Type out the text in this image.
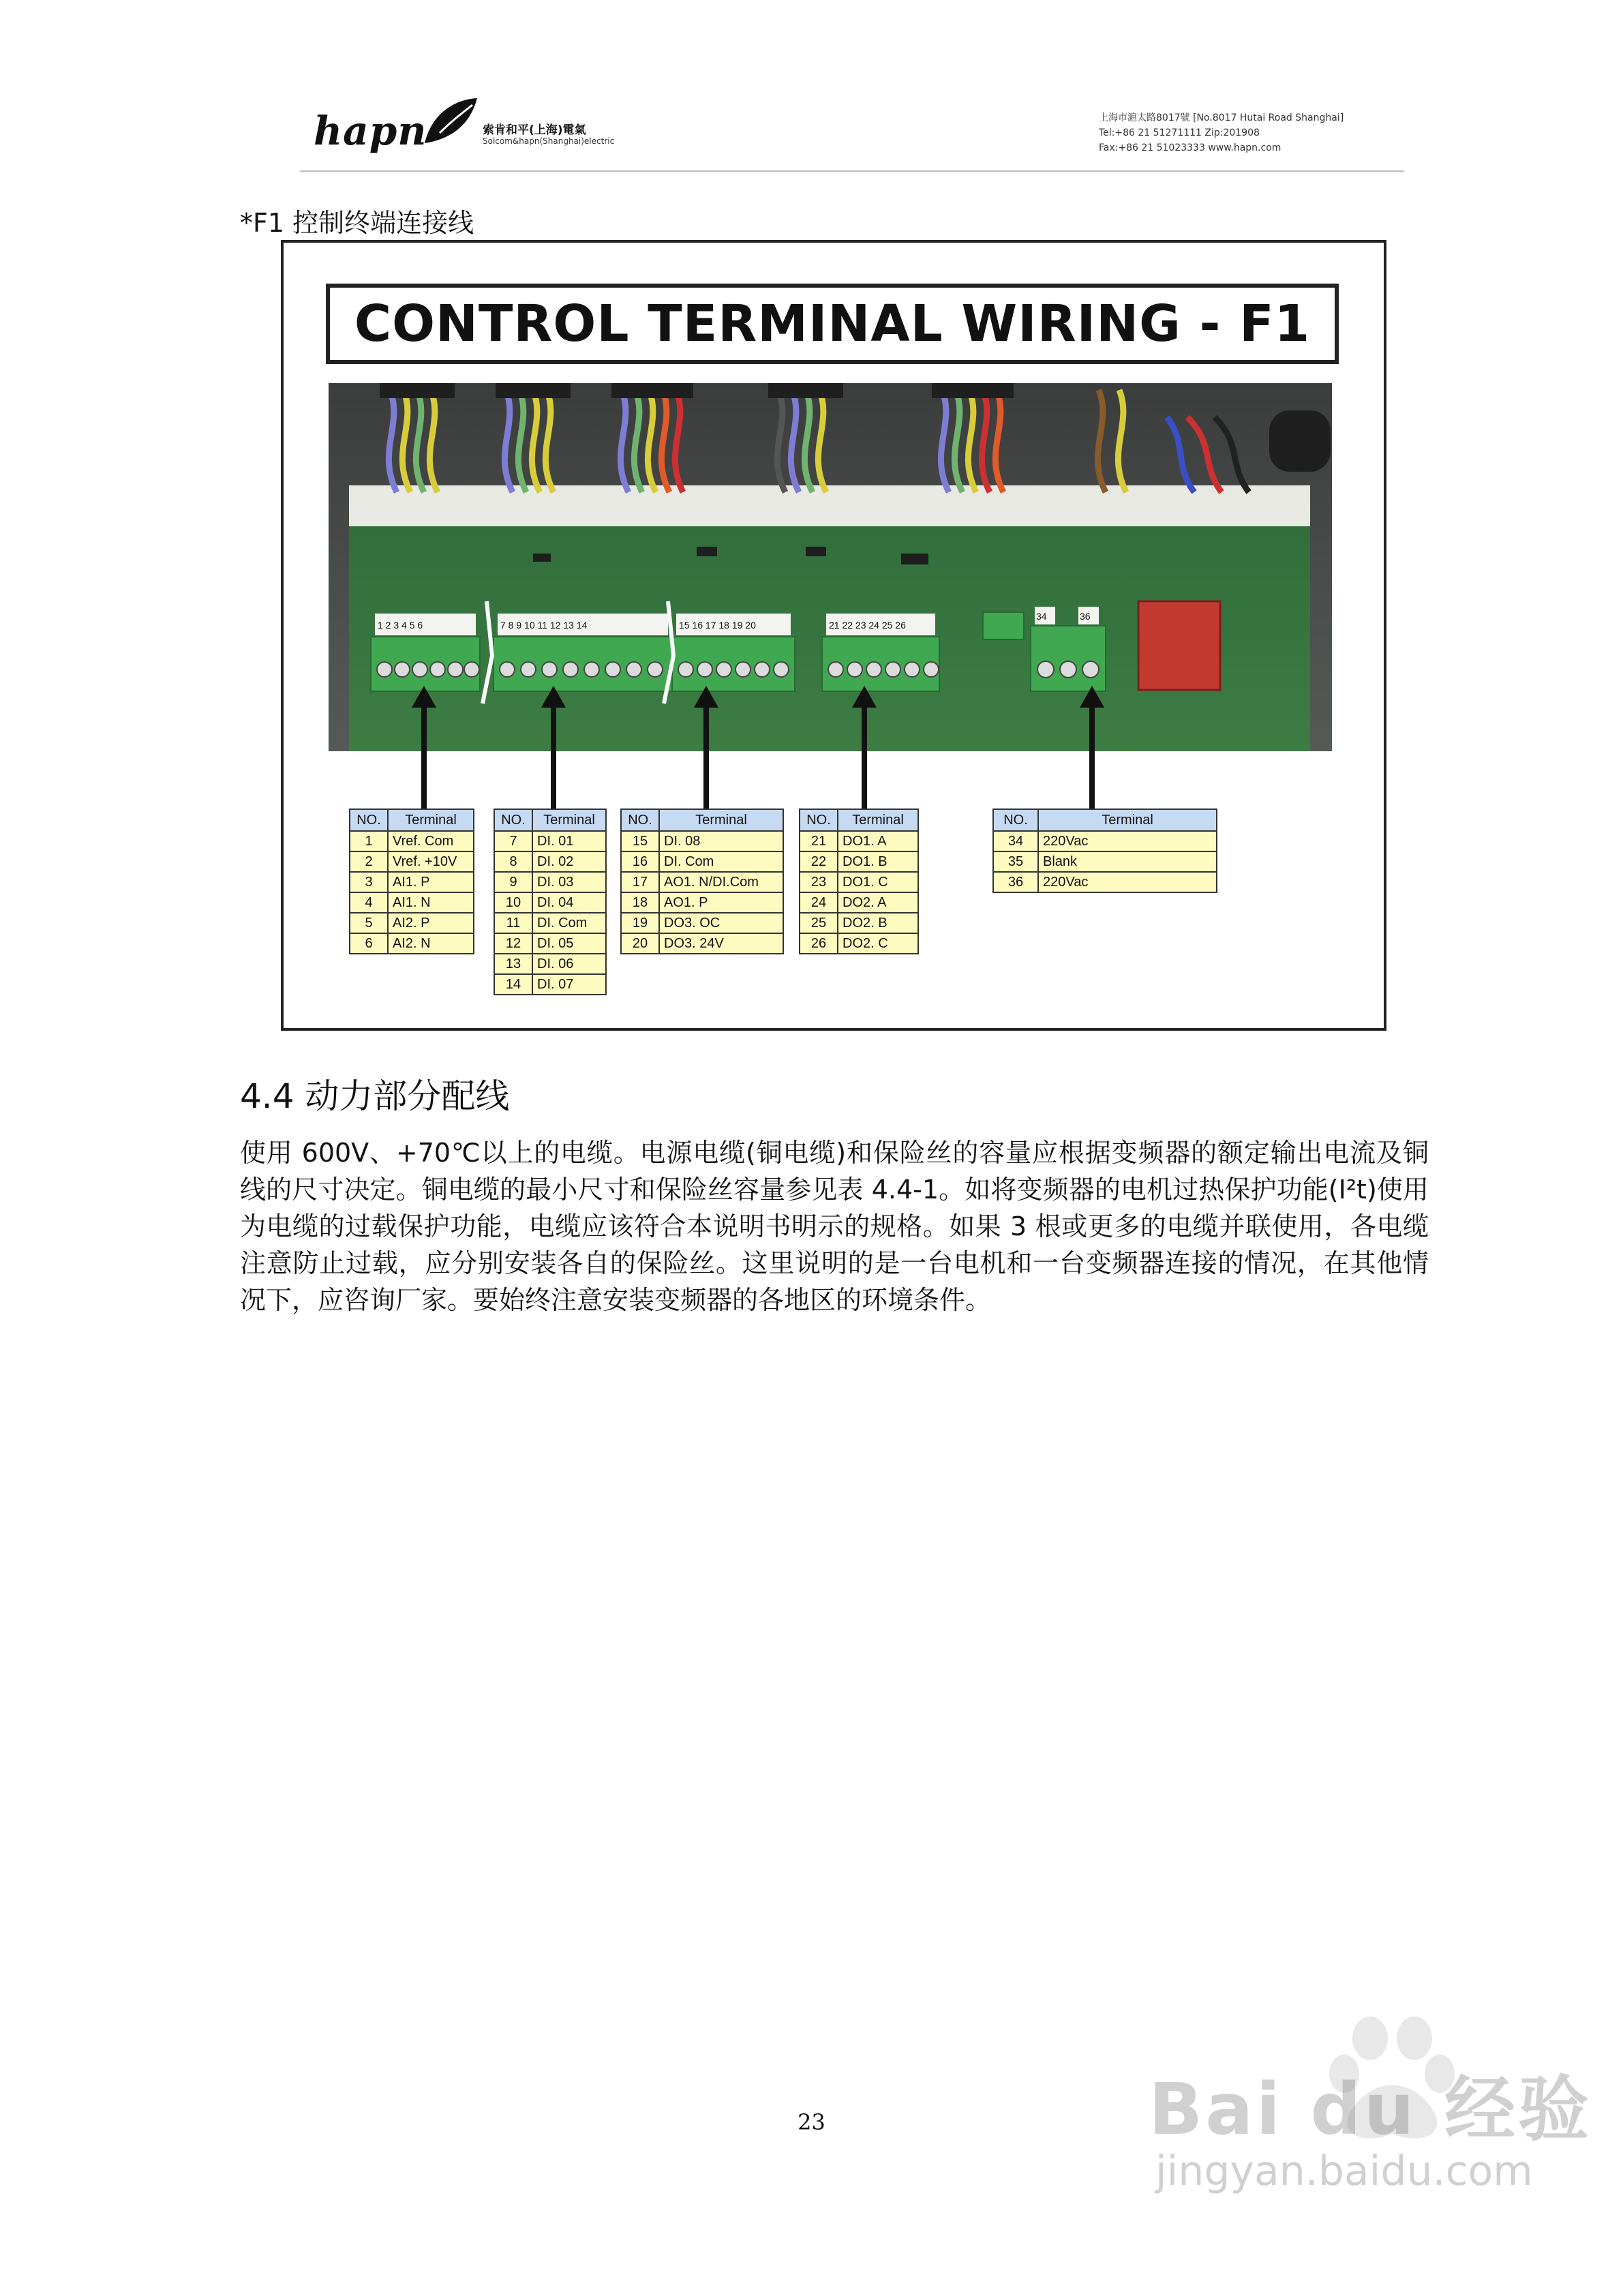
hapn	索肯和平(上海)電氣
Solcom&hapn(Shanghai)electric
上海市滬太路8017號 [No.8017 Hutai Road Shanghai]
Tel:+86 21 51271111 Zip:201908
Fax:+86 21 51023333 www.hapn.com
*F1 控制终端连接线
CONTROL TERMINAL WIRING - F1
1 2 3 4 5 6	7 8 9 10 11 12 13 14	15 16 17 18 19 20	21 22 23 24 25 26
34	36
NO.	Terminal
1	Vref. Com
2	Vref. +10V
3	AI1. P
4	AI1. N
5	AI2. P
6	AI2. N
NO.	Terminal
7	DI. 01
8	DI. 02
9	DI. 03
10	DI. 04
11	DI. Com
12	DI. 05
13	DI. 06
14	DI. 07
NO.	Terminal
15	DI. 08
16	DI. Com
17	AO1. N/DI.Com
18	AO1. P
19	DO3. OC
20	DO3. 24V
NO.	Terminal
21	DO1. A
22	DO1. B
23	DO1. C
24	DO2. A
25	DO2. B
26	DO2. C
NO.	Terminal
34	220Vac
35	Blank
36	220Vac
4.4 动力部分配线
使用 600V、+70℃以上的电缆。电源电缆(铜电缆)和保险丝的容量应根据变频器的额定输出电流及铜线的尺寸决定。铜电缆的最小尺寸和保险丝容量参见表 4.4-1。如将变频器的电机过热保护功能(I²t)使用为电缆的过载保护功能，电缆应该符合本说明书明示的规格。如果 3 根或更多的电缆并联使用，各电缆注意防止过载，应分别安装各自的保险丝。这里说明的是一台电机和一台变频器连接的情况，在其他情况下，应咨询厂家。要始终注意安装变频器的各地区的环境条件。
23	Bai du 经验
jingyan.baidu.com
